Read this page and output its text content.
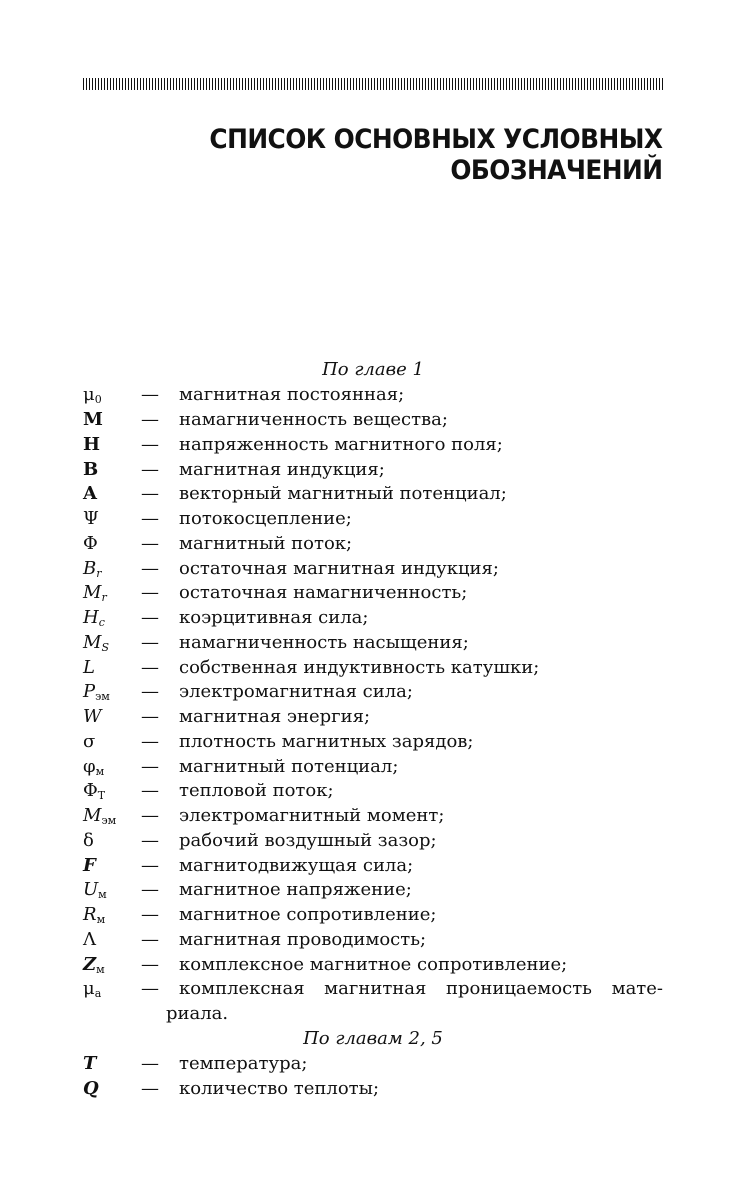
СПИСОК ОСНОВНЫХ УСЛОВНЫХ
ОБОЗНАЧЕНИЙ
По главе 1
$\mu_0$ — магнитная постоянная;
M — намагниченность вещества;
H — напряженность магнитного поля;
B — магнитная индукция;
A — векторный магнитный потенциал;
Ψ — потокосцепление;
Φ — магнитный поток;
$B_r$ — остаточная магнитная индукция;
$M_r$ — остаточная намагниченность;
$H_c$ — коэрцитивная сила;
$M_S$ — намагниченность насыщения;
L	— собственная индуктивность катушки;
$P_{эм}$ — электромагнитная сила;
W — магнитная энергия;
σ	— плотность магнитных зарядов;
$\varphi_м$ — магнитный потенциал;
$\Phi_Т$ — тепловой поток;
$M_{эм}$ — электромагнитный момент;
δ	— рабочий воздушный зазор;
F	— магнитодвижущая сила;
$U_м$ — магнитное напряжение;
$R_м$ — магнитное сопротивление;
Λ	— магнитная проводимость;
$Z_м$ — комплексное магнитное сопротивление;
$\mu_а$ — комплексная магнитная проницаемость мате-
риала.
По главам 2, 5
T — температура;
Q — количество теплоты;
